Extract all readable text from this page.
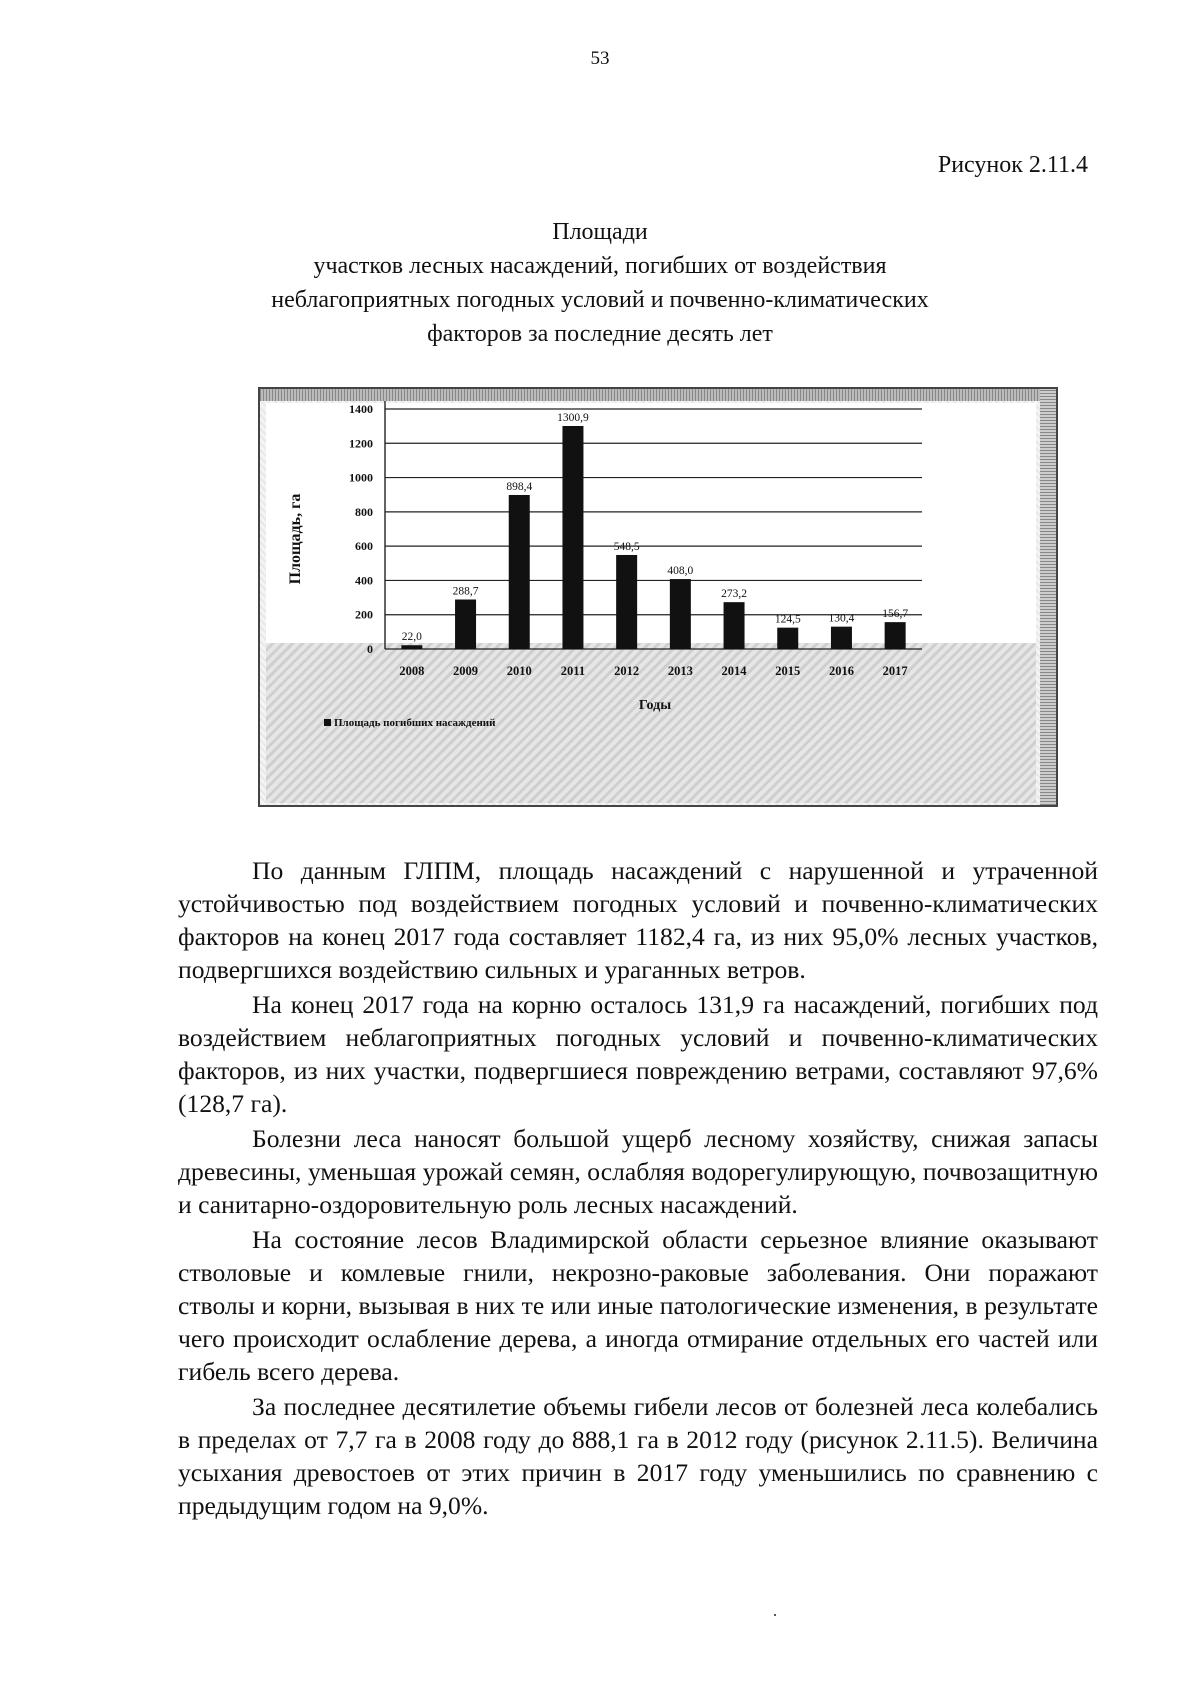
53
Рисунок 2.11.4
Площади
участков лесных насаждений, погибших от воздействия
неблагоприятных погодных условий и почвенно-климатических
факторов за последние десять лет
0
200
400
600
800
1000
1200
1400
22,0
2008
288,7
2009
898,4
2010
1300,9
2011
548,5
2012
408,0
2013
273,2
2014
124,5
2015
130,4
2016
156,7
2017
Годы
Площадь, га
Площадь погибших насаждений

По данным ГЛПМ, площадь насаждений с нарушенной и утраченной устойчивостью под воздействием погодных условий и почвенно-климатических факторов на конец 2017 года составляет 1182,4 га, из них 95,0% лесных участков, подвергшихся воздействию сильных и ураганных ветров.

На конец 2017 года на корню осталось 131,9 га насаждений, погибших под воздействием неблагоприятных погодных условий и почвенно-климатических факторов, из них участки, подвергшиеся повреждению ветрами, составляют 97,6% (128,7 га).

Болезни леса наносят большой ущерб лесному хозяйству, снижая запасы древесины, уменьшая урожай семян, ослабляя водорегулирующую, почвозащитную и санитарно-оздоровительную роль лесных насаждений.

На состояние лесов Владимирской области серьезное влияние оказывают стволовые и комлевые гнили, некрозно-раковые заболевания. Они поражают стволы и корни, вызывая в них те или иные патологические изменения, в результате чего происходит ослабление дерева, а иногда отмирание отдельных его частей или гибель всего дерева.

За последнее десятилетие объемы гибели лесов от болезней леса колебались в пределах от 7,7 га в 2008 году до 888,1 га в 2012 году (рисунок 2.11.5). Величина усыхания древостоев от этих причин в 2017 году уменьшились по сравнению с предыдущим годом на 9,0%.
